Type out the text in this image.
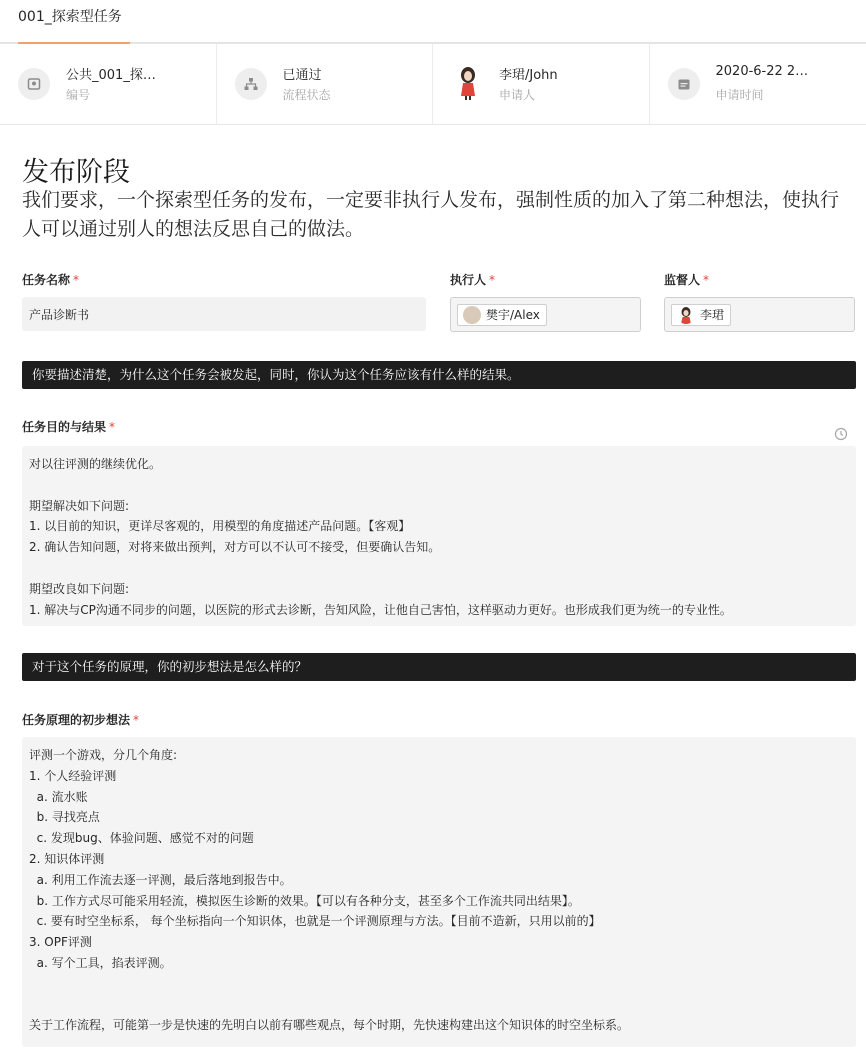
001_探索型任务
公共_001_探…
编号
已通过
流程状态
李珺/John
申请人
2020-6-22 2…
申请时间
发布阶段
我们要求，一个探索型任务的发布，一定要非执行人发布，强制性质的加入了第二种想法，使执行人可以通过别人的想法反思自己的做法。
任务名称 *
产品诊断书
执行人 *
樊宇/Alex
监督人 *
李珺
你要描述清楚，为什么这个任务会被发起，同时，你认为这个任务应该有什么样的结果。
任务目的与结果 *
对以往评测的继续优化。

期望解决如下问题:
1. 以目前的知识，更详尽客观的，用模型的角度描述产品问题。【客观】
2. 确认告知问题，对将来做出预判，对方可以不认可不接受，但要确认告知。

期望改良如下问题:
1. 解决与CP沟通不同步的问题，以医院的形式去诊断，告知风险，让他自己害怕，这样驱动力更好。也形成我们更为统一的专业性。
对于这个任务的原理，你的初步想法是怎么样的？
任务原理的初步想法 *
评测一个游戏，分几个角度:
1. 个人经验评测
a. 流水账
b. 寻找亮点
c. 发现bug、体验问题、感觉不对的问题
2. 知识体评测
a. 利用工作流去逐一评测，最后落地到报告中。
b. 工作方式尽可能采用轻流，模拟医生诊断的效果。【可以有各种分支，甚至多个工作流共同出结果】。
c. 要有时空坐标系， 每个坐标指向一个知识体，也就是一个评测原理与方法。【目前不造新，只用以前的】
3. OPF评测
a. 写个工具，掐表评测。

关于工作流程，可能第一步是快速的先明白以前有哪些观点，每个时期，先快速构建出这个知识体的时空坐标系。
